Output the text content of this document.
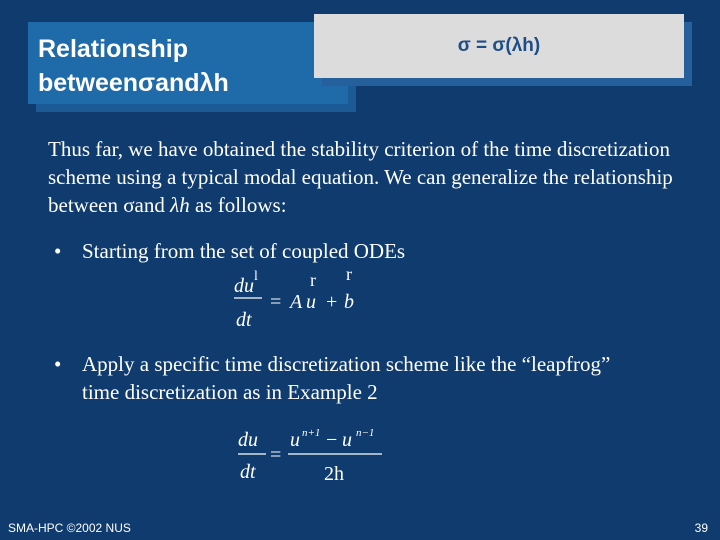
Relationship
betweenσandλh
σ = σ(λh)
Thus far, we have obtained the stability criterion of the time discretization scheme using a typical modal equation. We can generalize the relationship between σand λh as follows:
• Starting from the set of coupled ODEs
l
du
dt
= A
r
u +
r
b
• Apply a specific time discretization scheme like the “leapfrog” time discretization as in Example 2
du
dt
=
u n+1 − u n−1
2h
SMA-HPC ©2002 NUS	39
